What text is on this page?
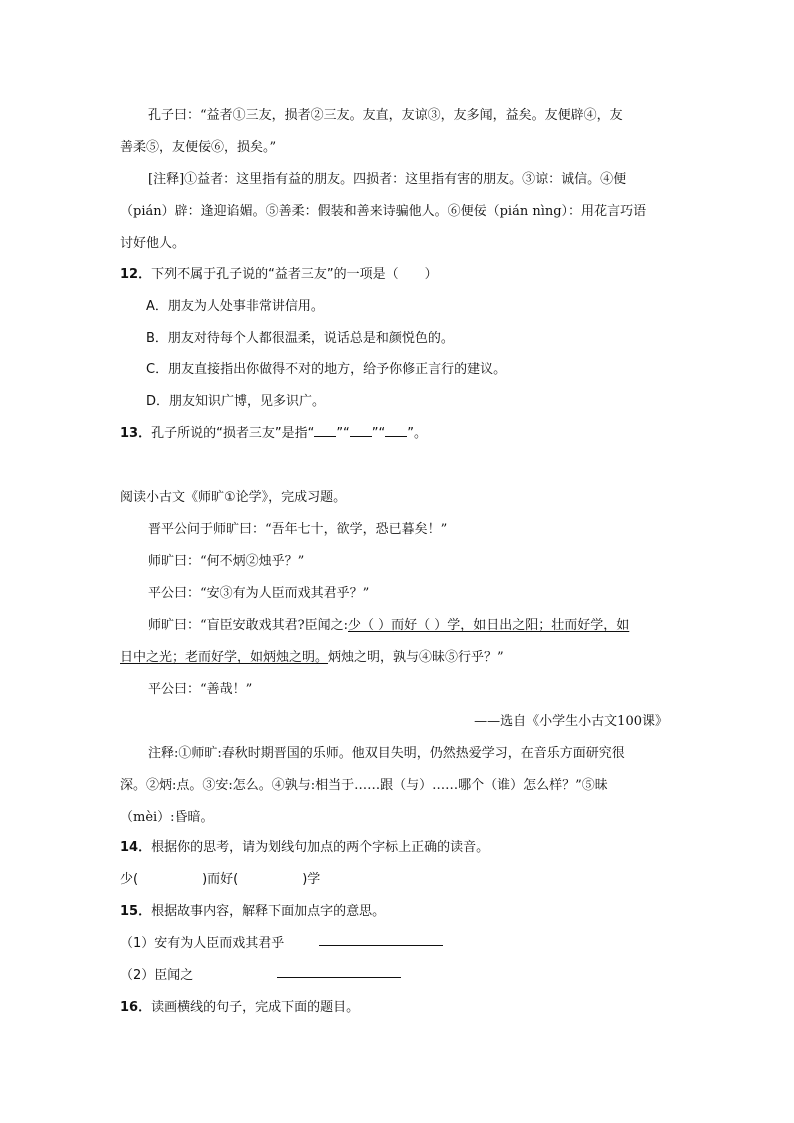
孔子曰：“益者①三友，损者②三友。友直，友谅③，友多闻，益矣。友便辟④，友
善柔⑤，友便佞⑥，损矣。”
[注释]①益者：这里指有益的朋友。四损者：这里指有害的朋友。③谅：诚信。④便
（pián）辟：逢迎谄媚。⑤善柔：假装和善来诗骗他人。⑥便佞（pián nìng）：用花言巧语
讨好他人。
12．下列不属于孔子说的“益者三友”的一项是（　　）
A．朋友为人处事非常讲信用。
B．朋友对待每个人都很温柔，说话总是和颜悦色的。
C．朋友直接指出你做得不对的地方，给予你修正言行的建议。
D．朋友知识广博，见多识广。
13．孔子所说的“损者三友”是指“ ”“ ”“ ”。
阅读小古文《师旷①论学》，完成习题。
晋平公问于师旷曰：“吾年七十，欲学，恐已暮矣！”
师旷曰：“何不炳②烛乎？”
平公曰：“安③有为人臣而戏其君乎？”
师旷曰：“盲臣安敢戏其君?臣闻之:少（ ）而好（ ）学，如日出之阳；壮而好学，如
日中之光；老而好学，如炳烛之明。炳烛之明，孰与④昧⑤行乎？”
平公曰：“善哉！”
——选自《小学生小古文100课》
注释:①师旷:春秋时期晋国的乐师。他双目失明，仍然热爱学习，在音乐方面研究很
深。②炳:点。③安:怎么。④孰与:相当于……跟（与）……哪个（谁）怎么样？”⑤昧
（mèi）:昏暗。
14．根据你的思考，请为划线句加点的两个字标上正确的读音。
少(	)而好(	)学
15．根据故事内容，解释下面加点字的意思。
（1）安有为人臣而戏其君乎
（2）臣闻之
16．读画横线的句子，完成下面的题目。
